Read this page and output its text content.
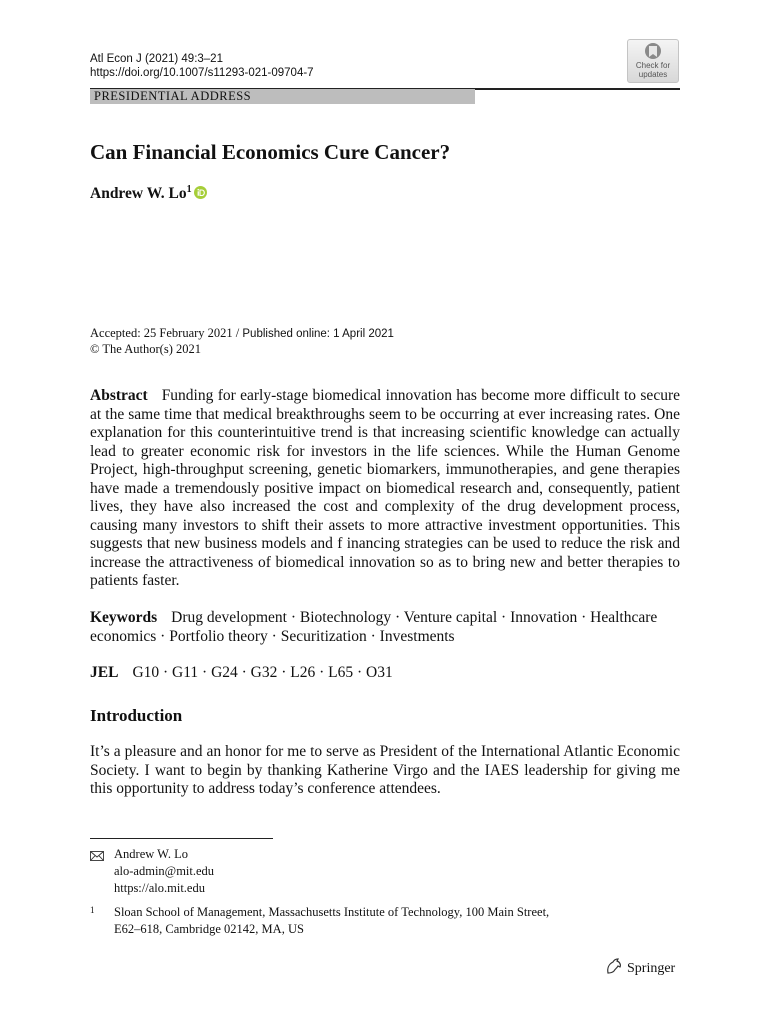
Atl Econ J (2021) 49:3–21
https://doi.org/10.1007/s11293-021-09704-7
Check for
updates
PRESIDENTIAL ADDRESS
Can Financial Economics Cure Cancer?
Andrew W. Lo$^1$
Accepted: 25 February 2021 / Published online: 1 April 2021
© The Author(s) 2021
Abstract Funding for early-stage biomedical innovation has become more difficult to secure at the same time that medical breakthroughs seem to be occurring at ever increasing rates. One explanation for this counterintuitive trend is that increasing scientific knowledge can actually lead to greater economic risk for investors in the life sciences. While the Human Genome Project, high-throughput screening, genetic biomarkers, immunotherapies, and gene therapies have made a tremendously positive impact on biomedical research and, consequently, patient lives, they have also increased the cost and complexity of the drug development process, causing many investors to shift their assets to more attractive investment opportunities. This suggests that new business models and f inancing strategies can be used to reduce the risk and increase the attractiveness of biomedical innovation so as to bring new and better therapies to patients faster.
Keywords Drug development · Biotechnology · Venture capital · Innovation · Healthcare economics · Portfolio theory · Securitization · Investments
JEL G10 · G11 · G24 · G32 · L26 · L65 · O31
Introduction
It’s a pleasure and an honor for me to serve as President of the International Atlantic Economic Society. I want to begin by thanking Katherine Virgo and the IAES leadership for giving me this opportunity to address today’s conference attendees.
Andrew W. Lo
alo-admin@mit.edu
https://alo.mit.edu
1 Sloan School of Management, Massachusetts Institute of Technology, 100 Main Street,
E62–618, Cambridge 02142, MA, US
Springer
